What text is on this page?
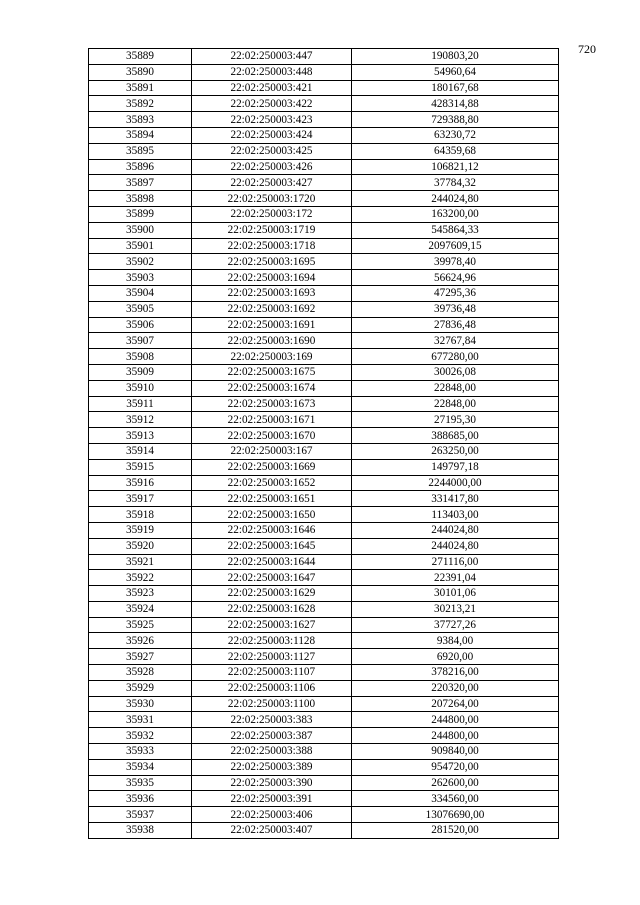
720
35889	22:02:250003:447	190803,20
35890	22:02:250003:448	54960,64
35891	22:02:250003:421	180167,68
35892	22:02:250003:422	428314,88
35893	22:02:250003:423	729388,80
35894	22:02:250003:424	63230,72
35895	22:02:250003:425	64359,68
35896	22:02:250003:426	106821,12
35897	22:02:250003:427	37784,32
35898	22:02:250003:1720	244024,80
35899	22:02:250003:172	163200,00
35900	22:02:250003:1719	545864,33
35901	22:02:250003:1718	2097609,15
35902	22:02:250003:1695	39978,40
35903	22:02:250003:1694	56624,96
35904	22:02:250003:1693	47295,36
35905	22:02:250003:1692	39736,48
35906	22:02:250003:1691	27836,48
35907	22:02:250003:1690	32767,84
35908	22:02:250003:169	677280,00
35909	22:02:250003:1675	30026,08
35910	22:02:250003:1674	22848,00
35911	22:02:250003:1673	22848,00
35912	22:02:250003:1671	27195,30
35913	22:02:250003:1670	388685,00
35914	22:02:250003:167	263250,00
35915	22:02:250003:1669	149797,18
35916	22:02:250003:1652	2244000,00
35917	22:02:250003:1651	331417,80
35918	22:02:250003:1650	113403,00
35919	22:02:250003:1646	244024,80
35920	22:02:250003:1645	244024,80
35921	22:02:250003:1644	271116,00
35922	22:02:250003:1647	22391,04
35923	22:02:250003:1629	30101,06
35924	22:02:250003:1628	30213,21
35925	22:02:250003:1627	37727,26
35926	22:02:250003:1128	9384,00
35927	22:02:250003:1127	6920,00
35928	22:02:250003:1107	378216,00
35929	22:02:250003:1106	220320,00
35930	22:02:250003:1100	207264,00
35931	22:02:250003:383	244800,00
35932	22:02:250003:387	244800,00
35933	22:02:250003:388	909840,00
35934	22:02:250003:389	954720,00
35935	22:02:250003:390	262600,00
35936	22:02:250003:391	334560,00
35937	22:02:250003:406	13076690,00
35938	22:02:250003:407	281520,00
